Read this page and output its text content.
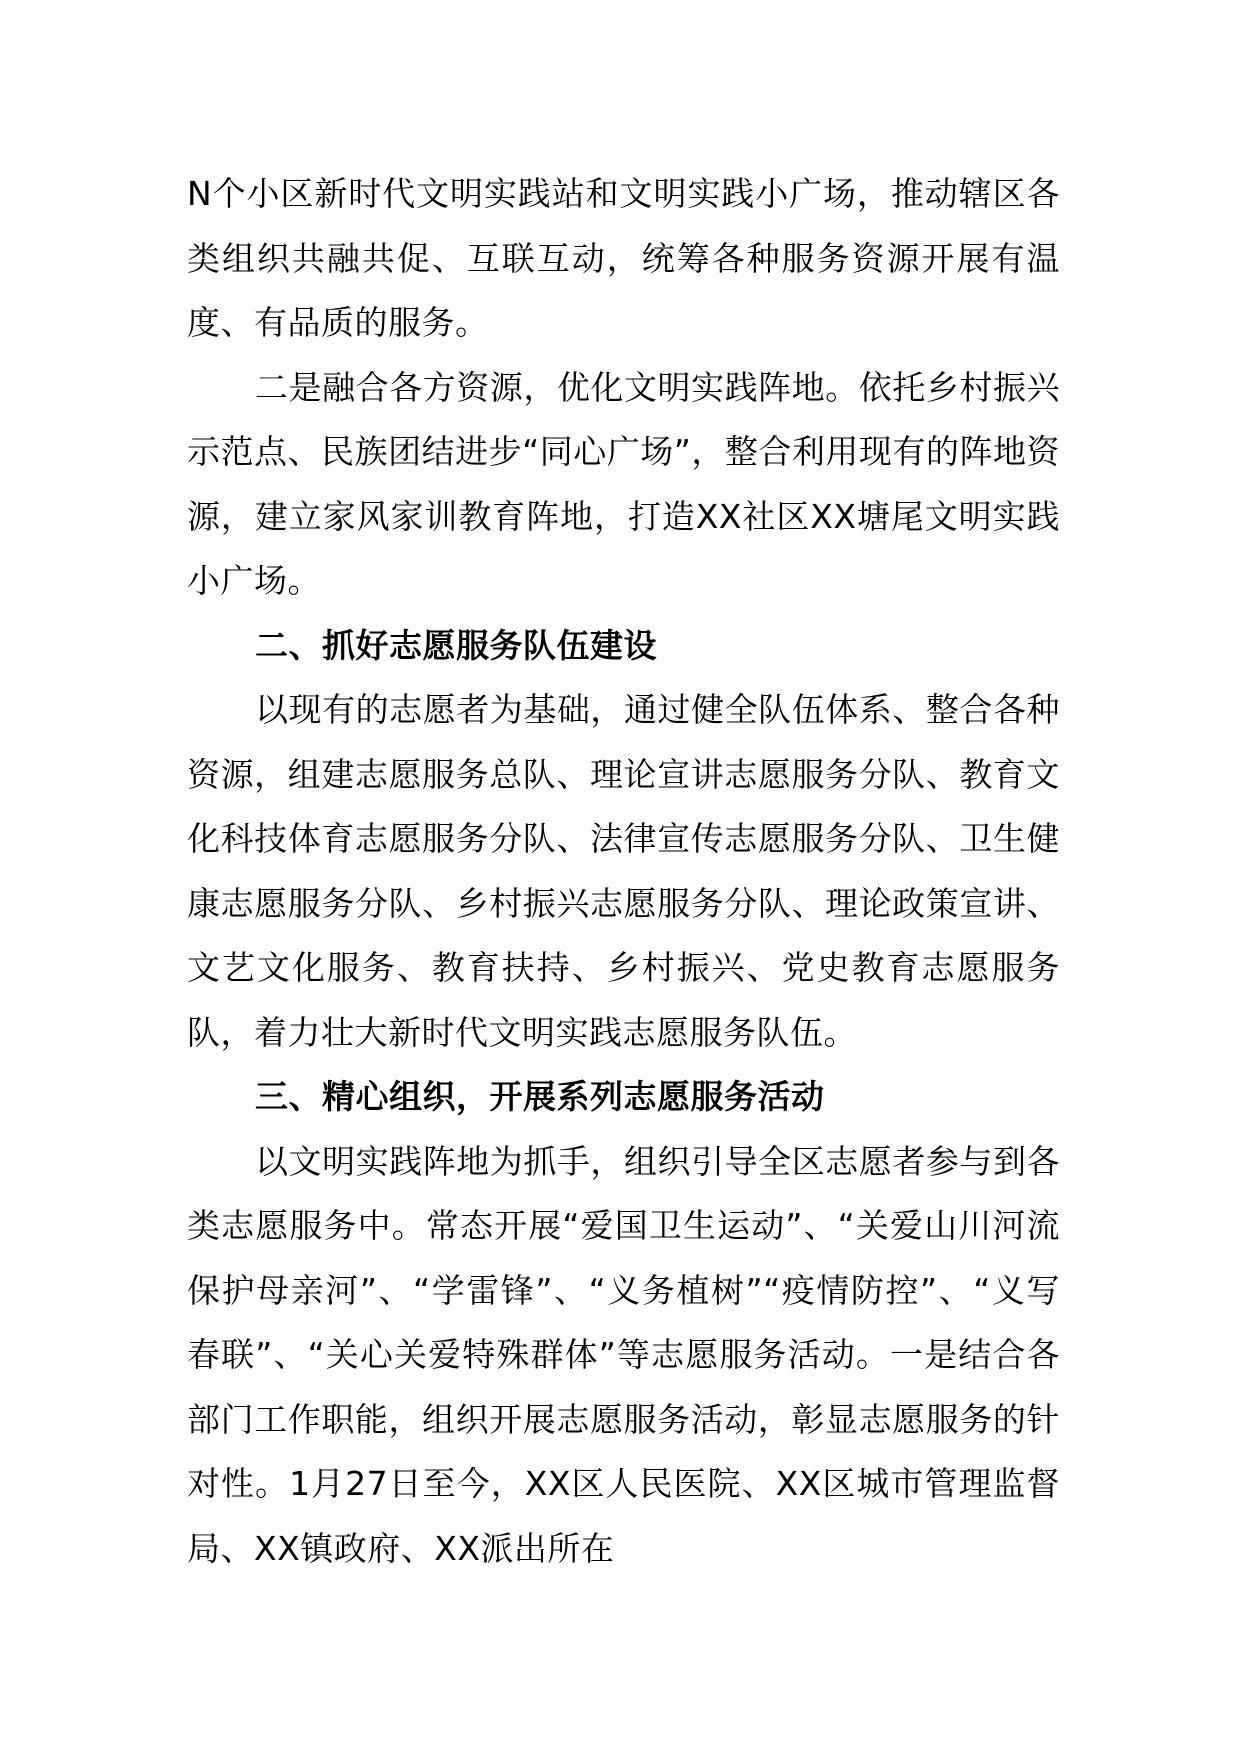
N个小区新时代文明实践站和文明实践小广场，推动辖区各类组织共融共促、互联互动，统筹各种服务资源开展有温度、有品质的服务。

二是融合各方资源，优化文明实践阵地。依托乡村振兴示范点、民族团结进步“同心广场”，整合利用现有的阵地资源，建立家风家训教育阵地，打造XX社区XX塘尾文明实践小广场。

二、抓好志愿服务队伍建设

以现有的志愿者为基础，通过健全队伍体系、整合各种资源，组建志愿服务总队、理论宣讲志愿服务分队、教育文化科技体育志愿服务分队、法律宣传志愿服务分队、卫生健康志愿服务分队、乡村振兴志愿服务分队、理论政策宣讲、文艺文化服务、教育扶持、乡村振兴、党史教育志愿服务队，着力壮大新时代文明实践志愿服务队伍。

三、精心组织，开展系列志愿服务活动

以文明实践阵地为抓手，组织引导全区志愿者参与到各类志愿服务中。常态开展“爱国卫生运动”、“关爱山川河流保护母亲河”、“学雷锋”、“义务植树”“疫情防控”、“义写春联”、“关心关爱特殊群体”等志愿服务活动。一是结合各部门工作职能，组织开展志愿服务活动，彰显志愿服务的针对性。1月27日至今，XX区人民医院、XX区城市管理监督局、XX镇政府、XX派出所在
